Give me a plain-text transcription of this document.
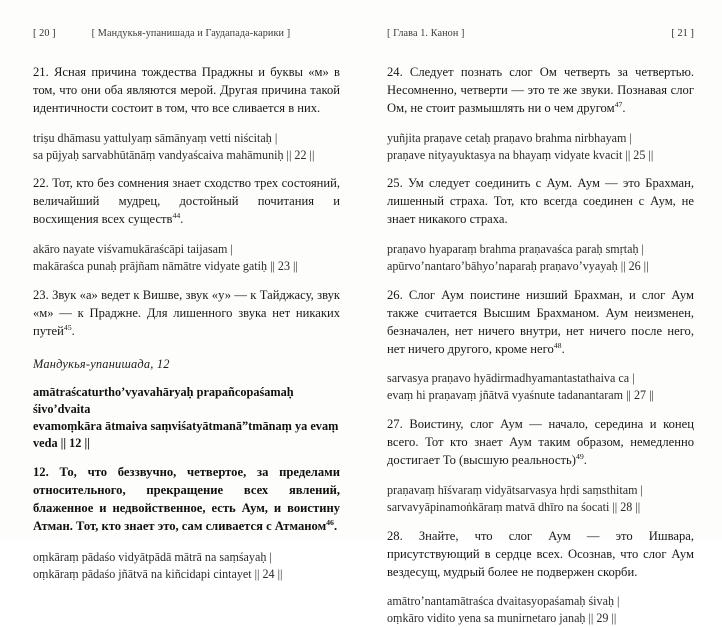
[ 20 ]	[ Мандукья-упанишада и Гаудапада-карики ]

21. Ясная причина тождества Праджны и буквы «м» в том, что они оба являются мерой. Другая причина такой идентичности состоит в том, что все сливается в них.

triṣu dhāmasu yattulyaṃ sāmānyaṃ vetti niścitaḥ |
sa pūjyaḥ sarvabhūtānāṃ vandyaścaiva mahāmuniḥ || 22 ||

22. Тот, кто без сомнения знает сходство трех состояний, величайший мудрец, достойный почитания и восхищения всех существ$^{44}$.

akāro nayate viśvamukāraścāpi taijasam |
makāraśca punaḥ prājñam nāmātre vidyate gatiḥ || 23 ||

23. Звук «а» ведет к Вишве, звук «у» — к Тайджасу, звук «м» — к Праджне. Для лишенного звука нет никаких путей$^{45}$.

Мандукья-упанишада, 12

amātraścaturtho’vyavahāryaḥ prapañcopaśamaḥ
śivo’dvaita
evamoṃkāra ātmaiva saṃviśatyātmanā”tmānaṃ ya evaṃ
veda || 12 ||

12. То, что беззвучно, четвертое, за пределами относительного, прекращение всех явлений, блаженное и недвойственное, есть Аум, и воистину Атман. Тот, кто знает это, сам сливается с Атманом$^{46}$.

oṃkāraṃ pādaśo vidyātpādā mātrā na saṃśayaḥ |
oṃkāraṃ pādaśo jñātvā na kiñcidapi cintayet || 24 ||

[ Глава 1. Канон ]	[ 21 ]

24. Следует познать слог Ом четверть за четвертью. Несомненно, четверти — это те же звуки. Познавая слог Ом, не стоит размышлять ни о чем другом$^{47}$.

yuñjita praṇave cetaḥ praṇavo brahma nirbhayam |
praṇave nityayuktasya na bhayaṃ vidyate kvacit || 25 ||

25. Ум следует соединить с Аум. Аум — это Брахман, лишенный страха. Тот, кто всегда соединен с Аум, не знает никакого страха.

praṇavo hyaparaṃ brahma praṇavaśca paraḥ smṛtaḥ |
apūrvo’nantaro’bāhyo’naparaḥ praṇavo’vyayaḥ || 26 ||

26. Слог Аум поистине низший Брахман, и слог Аум также считается Высшим Брахманом. Аум неизменен, безначален, нет ничего внутри, нет ничего после него, нет ничего другого, кроме него$^{48}$.

sarvasya praṇavo hyādirmadhyamantastathaiva ca |
evaṃ hi praṇavaṃ jñātvā vyaśnute tadanantaram || 27 ||

27. Воистину, слог Аум — начало, середина и конец всего. Тот кто знает Аум таким образом, немедленно достигает То (высшую реальность)$^{49}$.

praṇavaṃ hīśvaraṃ vidyātsarvasya hṛdi saṃsthitam |
sarvavyāpinamoṅkāraṃ matvā dhīro na śocati || 28 ||

28. Знайте, что слог Аум — это Ишвара, присутствующий в сердце всех. Осознав, что слог Аум вездесущ, мудрый более не подвержен скорби.

amātro’nantamātraśca dvaitasyopaśamaḥ śivaḥ |
oṃkāro vidito yena sa munirnetaro janaḥ || 29 ||
